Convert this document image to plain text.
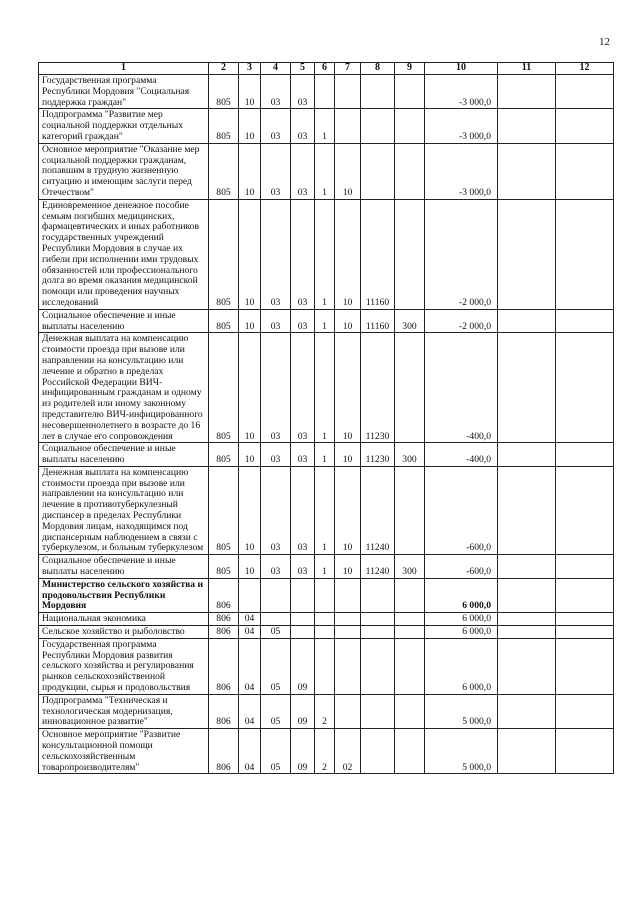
12
1	2	3	4	5	6	7	8	9	10	11	12
Государственная программа Республики Мордовия "Социальная поддержка граждан"	805	10	03	03					-3 000,0		
Подпрограмма "Развитие мер социальной поддержки отдельных категорий граждан"	805	10	03	03	1				-3 000,0		
Основное мероприятие "Оказание мер социальной поддержки гражданам, попавшим в трудную жизненную ситуацию и имеющим заслуги перед Отечеством"	805	10	03	03	1	10			-3 000,0		
Единовременное денежное пособие семьям погибших медицинских, фармацевтических и иных работников государственных учреждений Республики Мордовия в случае их гибели при исполнении ими трудовых обязанностей или профессионального долга во время оказания медицинской помощи или проведения научных исследований	805	10	03	03	1	10	11160		-2 000,0		
Социальное обеспечение и иные выплаты населению	805	10	03	03	1	10	11160	300	-2 000,0		
Денежная выплата на компенсацию стоимости проезда при вызове или направлении на консультацию или лечение и обратно в пределах Российской Федерации ВИЧ-инфицированным гражданам и одному из родителей или иному законному представителю ВИЧ-инфицированного несовершеннолетнего в возрасте до 16 лет в случае его сопровождения	805	10	03	03	1	10	11230		-400,0		
Социальное обеспечение и иные выплаты населению	805	10	03	03	1	10	11230	300	-400,0		
Денежная выплата на компенсацию стоимости проезда при вызове или направлении на консультацию или лечение в противотуберкулезный диспансер в пределах Республики Мордовия лицам, находящимся под диспансерным наблюдением в связи с туберкулезом, и больным туберкулезом	805	10	03	03	1	10	11240		-600,0		
Социальное обеспечение и иные выплаты населению	805	10	03	03	1	10	11240	300	-600,0		
Министерство сельского хозяйства и продовольствия Республики Мордовия	806								6 000,0		
Национальная экономика	806	04							6 000,0		
Сельское хозяйство и рыболовство	806	04	05						6 000,0		
Государственная программа Республики Мордовия развития сельского хозяйства и регулирования рынков сельскохозяйственной продукции, сырья и продовольствия	806	04	05	09					6 000,0		
Подпрограмма "Техническая и технологическая модернизация, инновационное развитие"	806	04	05	09	2				5 000,0		
Основное мероприятие "Развитие консультационной помощи сельскохозяйственным товаропроизводителям"	806	04	05	09	2	02			5 000,0		
